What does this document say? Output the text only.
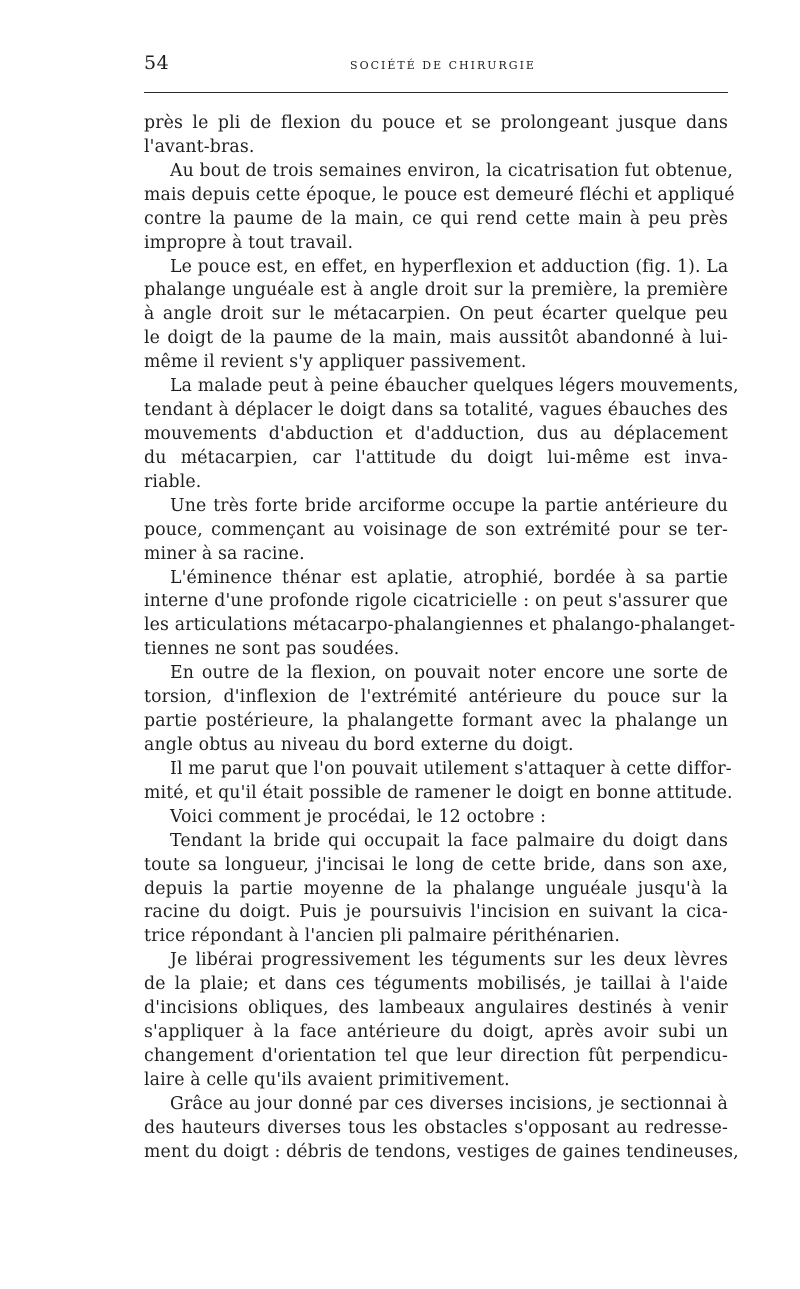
54	SOCIÉTÉ DE CHIRURGIE
près le pli de flexion du pouce et se prolongeant jusque dans
l'avant-bras.
Au bout de trois semaines environ, la cicatrisation fut obtenue,
mais depuis cette époque, le pouce est demeuré fléchi et appliqué
contre la paume de la main, ce qui rend cette main à peu près
impropre à tout travail.
Le pouce est, en effet, en hyperflexion et adduction (fig. 1). La
phalange unguéale est à angle droit sur la première, la première
à angle droit sur le métacarpien. On peut écarter quelque peu
le doigt de la paume de la main, mais aussitôt abandonné à lui-
même il revient s'y appliquer passivement.
La malade peut à peine ébaucher quelques légers mouvements,
tendant à déplacer le doigt dans sa totalité, vagues ébauches des
mouvements d'abduction et d'adduction, dus au déplacement
du métacarpien, car l'attitude du doigt lui-même est inva-
riable.
Une très forte bride arciforme occupe la partie antérieure du
pouce, commençant au voisinage de son extrémité pour se ter-
miner à sa racine.
L'éminence thénar est aplatie, atrophié, bordée à sa partie
interne d'une profonde rigole cicatricielle : on peut s'assurer que
les articulations métacarpo-phalangiennes et phalango-phalanget-
tiennes ne sont pas soudées.
En outre de la flexion, on pouvait noter encore une sorte de
torsion, d'inflexion de l'extrémité antérieure du pouce sur la
partie postérieure, la phalangette formant avec la phalange un
angle obtus au niveau du bord externe du doigt.
Il me parut que l'on pouvait utilement s'attaquer à cette diffor-
mité, et qu'il était possible de ramener le doigt en bonne attitude.
Voici comment je procédai, le 12 octobre :
Tendant la bride qui occupait la face palmaire du doigt dans
toute sa longueur, j'incisai le long de cette bride, dans son axe,
depuis la partie moyenne de la phalange unguéale jusqu'à la
racine du doigt. Puis je poursuivis l'incision en suivant la cica-
trice répondant à l'ancien pli palmaire périthénarien.
Je libérai progressivement les téguments sur les deux lèvres
de la plaie; et dans ces téguments mobilisés, je taillai à l'aide
d'incisions obliques, des lambeaux angulaires destinés à venir
s'appliquer à la face antérieure du doigt, après avoir subi un
changement d'orientation tel que leur direction fût perpendicu-
laire à celle qu'ils avaient primitivement.
Grâce au jour donné par ces diverses incisions, je sectionnai à
des hauteurs diverses tous les obstacles s'opposant au redresse-
ment du doigt : débris de tendons, vestiges de gaines tendineuses,
